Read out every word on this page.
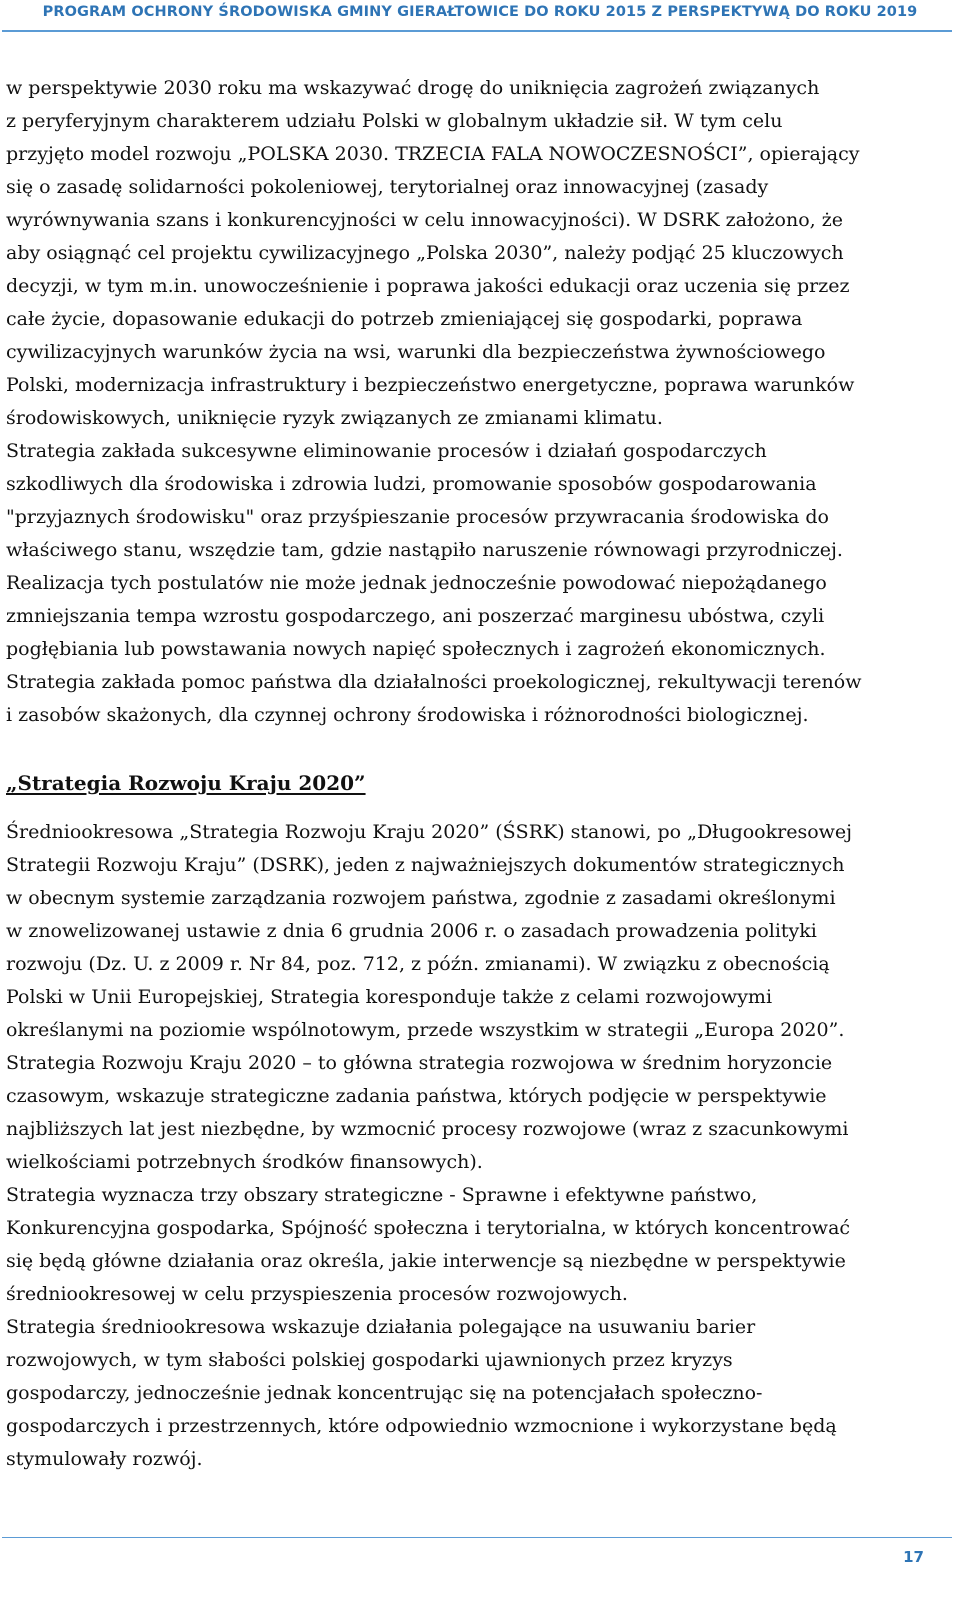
PROGRAM OCHRONY ŚRODOWISKA GMINY GIERAŁTOWICE DO ROKU 2015 Z PERSPEKTYWĄ DO ROKU 2019
w perspektywie 2030 roku ma wskazywać drogę do uniknięcia zagrożeń związanych
z peryferyjnym charakterem udziału Polski w globalnym układzie sił. W tym celu
przyjęto model rozwoju „POLSKA 2030. TRZECIA FALA NOWOCZESNOŚCI”, opierający
się o zasadę solidarności pokoleniowej, terytorialnej oraz innowacyjnej (zasady
wyrównywania szans i konkurencyjności w celu innowacyjności). W DSRK założono, że
aby osiągnąć cel projektu cywilizacyjnego „Polska 2030”, należy podjąć 25 kluczowych
decyzji, w tym m.in. unowocześnienie i poprawa jakości edukacji oraz uczenia się przez
całe życie, dopasowanie edukacji do potrzeb zmieniającej się gospodarki, poprawa
cywilizacyjnych warunków życia na wsi, warunki dla bezpieczeństwa żywnościowego
Polski, modernizacja infrastruktury i bezpieczeństwo energetyczne, poprawa warunków
środowiskowych, uniknięcie ryzyk związanych ze zmianami klimatu.
Strategia zakłada sukcesywne eliminowanie procesów i działań gospodarczych
szkodliwych dla środowiska i zdrowia ludzi, promowanie sposobów gospodarowania
"przyjaznych środowisku" oraz przyśpieszanie procesów przywracania środowiska do
właściwego stanu, wszędzie tam, gdzie nastąpiło naruszenie równowagi przyrodniczej.
Realizacja tych postulatów nie może jednak jednocześnie powodować niepożądanego
zmniejszania tempa wzrostu gospodarczego, ani poszerzać marginesu ubóstwa, czyli
pogłębiania lub powstawania nowych napięć społecznych i zagrożeń ekonomicznych.
Strategia zakłada pomoc państwa dla działalności proekologicznej, rekultywacji terenów
i zasobów skażonych, dla czynnej ochrony środowiska i różnorodności biologicznej.
„Strategia Rozwoju Kraju 2020”
Średniookresowa „Strategia Rozwoju Kraju 2020” (ŚSRK) stanowi, po „Długookresowej
Strategii Rozwoju Kraju” (DSRK), jeden z najważniejszych dokumentów strategicznych
w obecnym systemie zarządzania rozwojem państwa, zgodnie z zasadami określonymi
w znowelizowanej ustawie z dnia 6 grudnia 2006 r. o zasadach prowadzenia polityki
rozwoju (Dz. U. z 2009 r. Nr 84, poz. 712, z późn. zmianami). W związku z obecnością
Polski w Unii Europejskiej, Strategia koresponduje także z celami rozwojowymi
określanymi na poziomie wspólnotowym, przede wszystkim w strategii „Europa 2020”.
Strategia Rozwoju Kraju 2020 – to główna strategia rozwojowa w średnim horyzoncie
czasowym, wskazuje strategiczne zadania państwa, których podjęcie w perspektywie
najbliższych lat jest niezbędne, by wzmocnić procesy rozwojowe (wraz z szacunkowymi
wielkościami potrzebnych środków finansowych).
Strategia wyznacza trzy obszary strategiczne - Sprawne i efektywne państwo,
Konkurencyjna gospodarka, Spójność społeczna i terytorialna, w których koncentrować
się będą główne działania oraz określa, jakie interwencje są niezbędne w perspektywie
średniookresowej w celu przyspieszenia procesów rozwojowych.
Strategia średniookresowa wskazuje działania polegające na usuwaniu barier
rozwojowych, w tym słabości polskiej gospodarki ujawnionych przez kryzys
gospodarczy, jednocześnie jednak koncentrując się na potencjałach społeczno-
gospodarczych i przestrzennych, które odpowiednio wzmocnione i wykorzystane będą
stymulowały rozwój.
17
